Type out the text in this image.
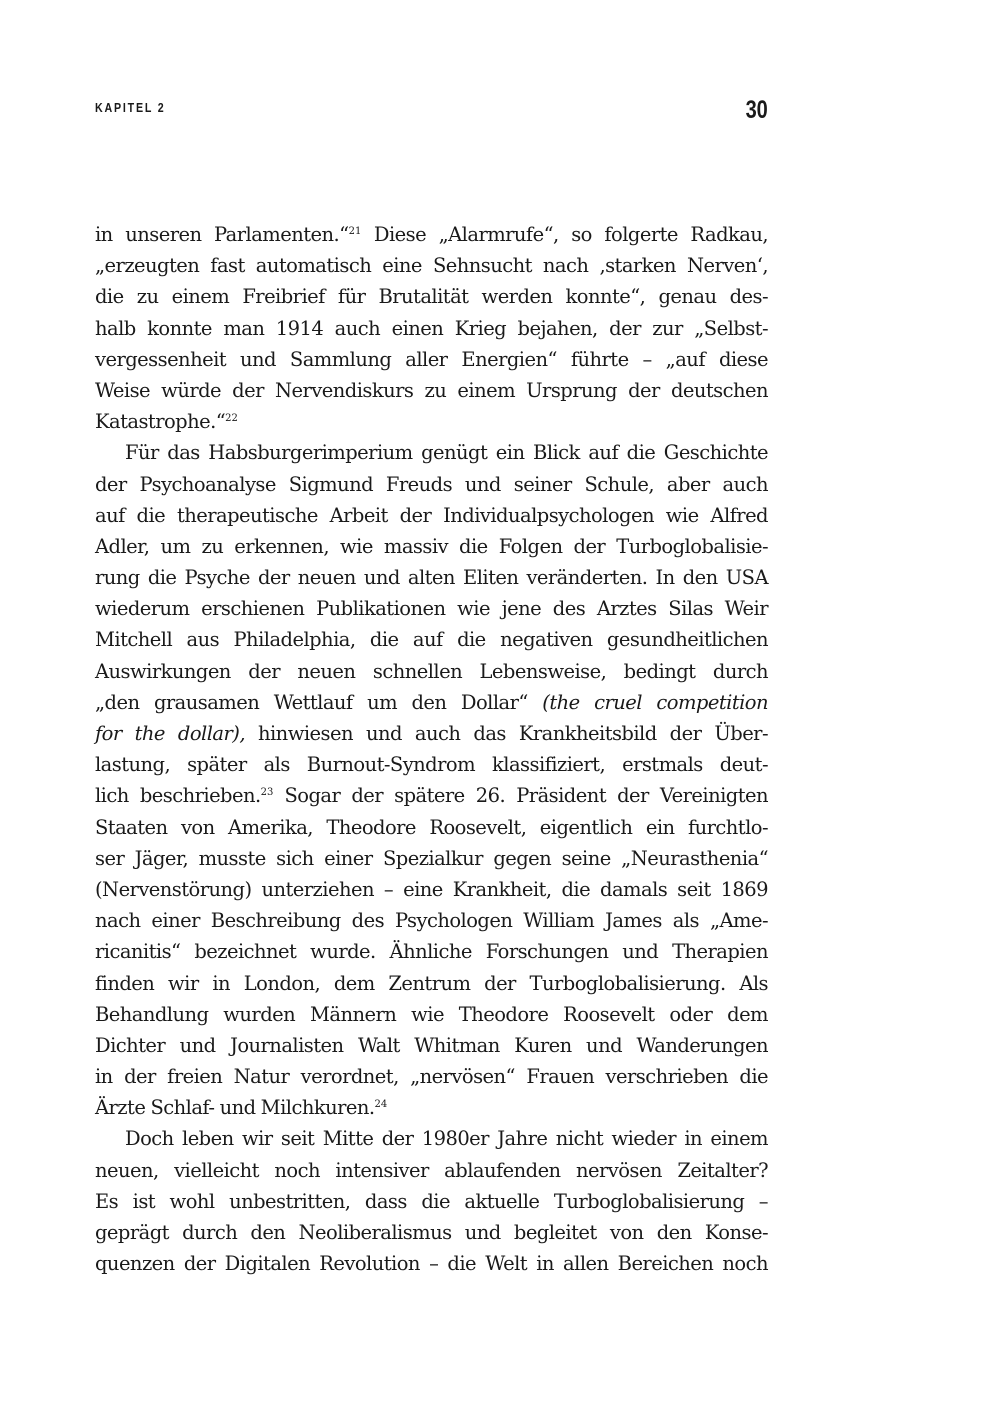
KAPITEL 2	30
in unseren Parlamenten.“$^{21}$ Diese „Alarmrufe“, so folgerte Radkau,
„erzeugten fast automatisch eine Sehnsucht nach ‚starken Nerven‘,
die zu einem Freibrief für Brutalität werden konnte“, genau des-
halb konnte man 1914 auch einen Krieg bejahen, der zur „Selbst-
vergessenheit und Sammlung aller Energien“ führte – „auf diese
Weise würde der Nervendiskurs zu einem Ursprung der deutschen
Katastrophe.“$^{22}$
Für das Habsburgerimperium genügt ein Blick auf die Geschichte
der Psychoanalyse Sigmund Freuds und seiner Schule, aber auch
auf die therapeutische Arbeit der Individualpsychologen wie Alfred
Adler, um zu erkennen, wie massiv die Folgen der Turboglobalisie-
rung die Psyche der neuen und alten Eliten veränderten. In den USA
wiederum erschienen Publikationen wie jene des Arztes Silas Weir
Mitchell aus Philadelphia, die auf die negativen gesundheitlichen
Auswirkungen der neuen schnellen Lebensweise, bedingt durch
„den grausamen Wettlauf um den Dollar“ (the cruel competition
for the dollar), hinwiesen und auch das Krankheitsbild der Über-
lastung, später als Burnout-Syndrom klassifiziert, erstmals deut-
lich beschrieben.$^{23}$ Sogar der spätere 26. Präsident der Vereinigten
Staaten von Amerika, Theodore Roosevelt, eigentlich ein furchtlo-
ser Jäger, musste sich einer Spezialkur gegen seine „Neurasthenia“
(Nervenstörung) unterziehen – eine Krankheit, die damals seit 1869
nach einer Beschreibung des Psychologen William James als „Ame-
ricanitis“ bezeichnet wurde. Ähnliche Forschungen und Therapien
finden wir in London, dem Zentrum der Turboglobalisierung. Als
Behandlung wurden Männern wie Theodore Roosevelt oder dem
Dichter und Journalisten Walt Whitman Kuren und Wanderungen
in der freien Natur verordnet, „nervösen“ Frauen verschrieben die
Ärzte Schlaf- und Milchkuren.$^{24}$
Doch leben wir seit Mitte der 1980er Jahre nicht wieder in einem
neuen, vielleicht noch intensiver ablaufenden nervösen Zeitalter?
Es ist wohl unbestritten, dass die aktuelle Turboglobalisierung –
geprägt durch den Neoliberalismus und begleitet von den Konse-
quenzen der Digitalen Revolution – die Welt in allen Bereichen noch
